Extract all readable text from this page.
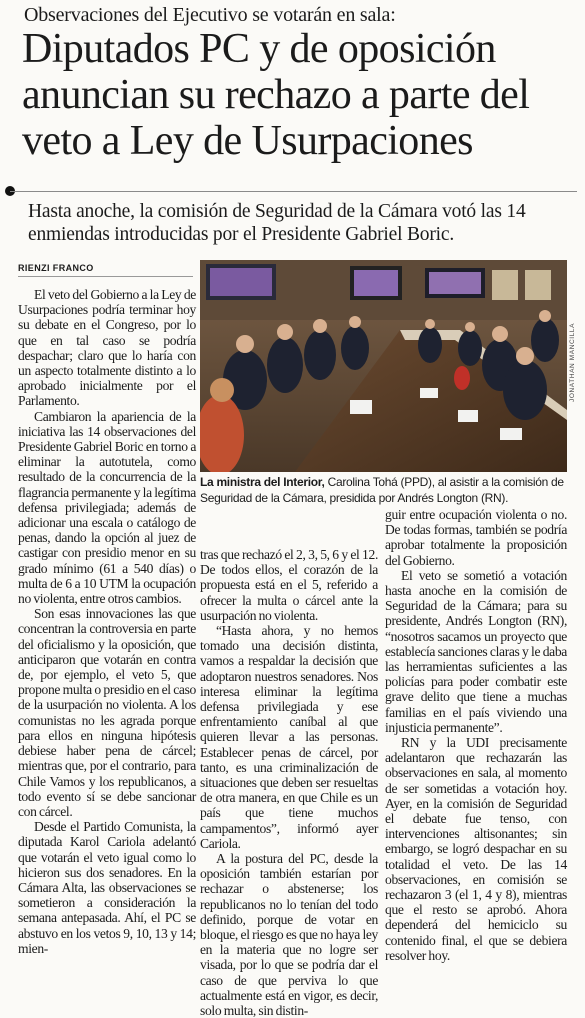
Observaciones del Ejecutivo se votarán en sala:
Diputados PC y de oposición anuncian su rechazo a parte del veto a Ley de Usurpaciones
Hasta anoche, la comisión de Seguridad de la Cámara votó las 14 enmiendas introducidas por el Presidente Gabriel Boric.
RIENZI FRANCO

El veto del Gobierno a la Ley de Usurpaciones podría terminar hoy su debate en el Congreso, por lo que en tal caso se podría despachar; claro que lo haría con un aspecto totalmente distinto a lo aprobado inicialmente por el Parlamento.

Cambiaron la apariencia de la iniciativa las 14 observaciones del Presidente Gabriel Boric en torno a eliminar la autotutela, como resultado de la concurrencia de la flagrancia permanente y la legítima defensa privilegiada; además de adicionar una escala o catálogo de penas, dando la opción al juez de castigar con presidio menor en su grado mínimo (61 a 540 días) o multa de 6 a 10 UTM la ocupación no violenta, entre otros cambios.

Son esas innovaciones las que concentran la controversia en parte del oficialismo y la oposición, que anticiparon que votarán en contra de, por ejemplo, el veto 5, que propone multa o presidio en el caso de la usurpación no violenta. A los comunistas no les agrada porque para ellos en ninguna hipótesis debiese haber pena de cárcel; mientras que, por el contrario, para Chile Vamos y los republicanos, a todo evento sí se debe sancionar con cárcel.

Desde el Partido Comunista, la diputada Karol Cariola adelantó que votarán el veto igual como lo hicieron sus dos senadores. En la Cámara Alta, las observaciones se sometieron a consideración la semana antepasada. Ahí, el PC se abstuvo en los vetos 9, 10, 13 y 14; mien-

JONATHAN MANCILLA
La ministra del Interior, Carolina Tohá (PPD), al asistir a la comisión de Seguridad de la Cámara, presidida por Andrés Longton (RN).

tras que rechazó el 2, 3, 5, 6 y el 12. De todos ellos, el corazón de la propuesta está en el 5, referido a ofrecer la multa o cárcel ante la usurpación no violenta.

“Hasta ahora, y no hemos tomado una decisión distinta, vamos a respaldar la decisión que adoptaron nuestros senadores. Nos interesa eliminar la legítima defensa privilegiada y ese enfrentamiento caníbal al que quieren llevar a las personas. Establecer penas de cárcel, por tanto, es una criminalización de situaciones que deben ser resueltas de otra manera, en que Chile es un país que tiene muchos campamentos”, informó ayer Cariola.

A la postura del PC, desde la oposición también estarían por rechazar o abstenerse; los republicanos no lo tenían del todo definido, porque de votar en bloque, el riesgo es que no haya ley en la materia que no logre ser visada, por lo que se podría dar el caso de que perviva lo que actualmente está en vigor, es decir, solo multa, sin distin-

guir entre ocupación violenta o no. De todas formas, también se podría aprobar totalmente la proposición del Gobierno.

El veto se sometió a votación hasta anoche en la comisión de Seguridad de la Cámara; para su presidente, Andrés Longton (RN), “nosotros sacamos un proyecto que establecía sanciones claras y le daba las herramientas suficientes a las policías para poder combatir este grave delito que tiene a muchas familias en el país viviendo una injusticia permanente”.

RN y la UDI precisamente adelantaron que rechazarán las observaciones en sala, al momento de ser sometidas a votación hoy. Ayer, en la comisión de Seguridad el debate fue tenso, con intervenciones altisonantes; sin embargo, se logró despachar en su totalidad el veto. De las 14 observaciones, en comisión se rechazaron 3 (el 1, 4 y 8), mientras que el resto se aprobó. Ahora dependerá del hemiciclo su contenido final, el que se debiera resolver hoy.
